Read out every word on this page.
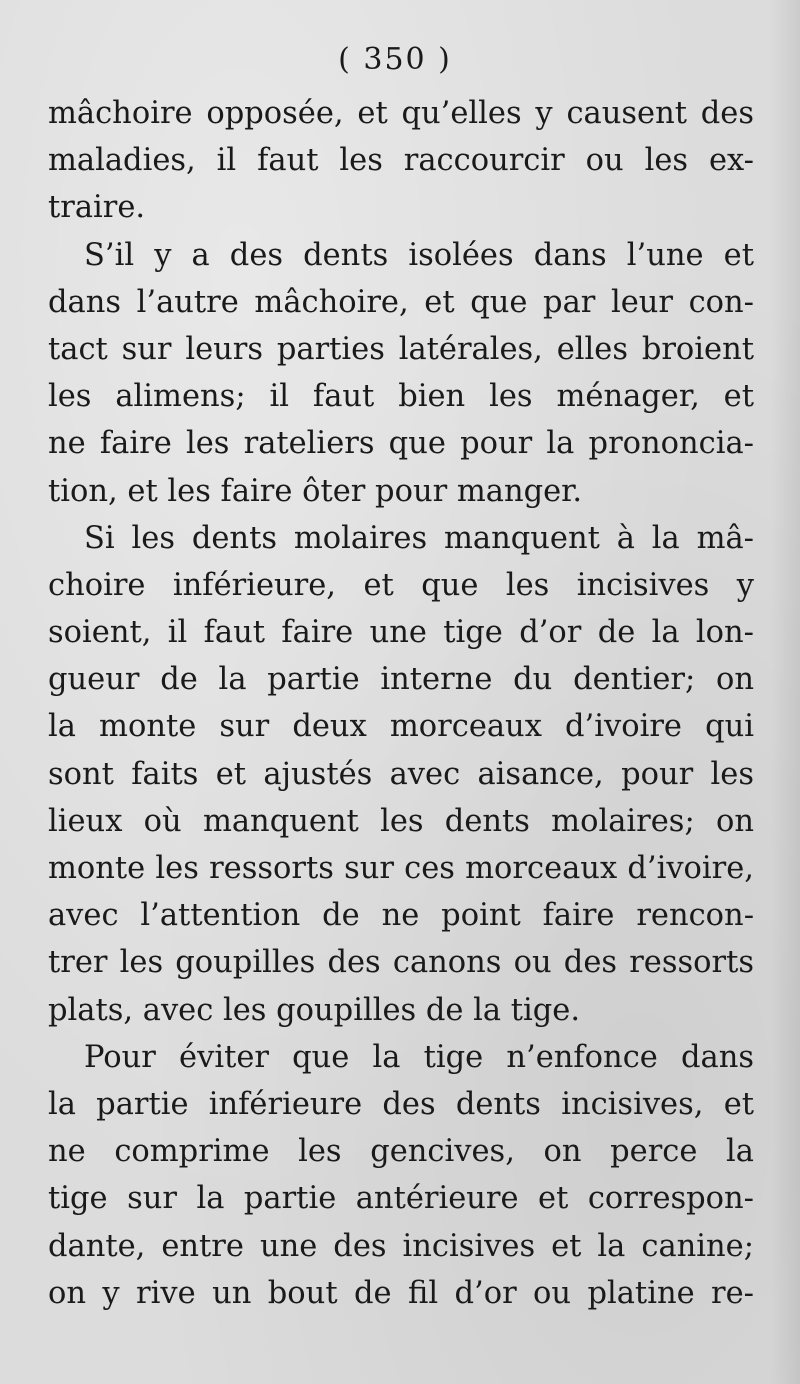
( 350 )
mâchoire opposée, et qu’elles y causent des
maladies, il faut les raccourcir ou les ex-
traire.
S’il y a des dents isolées dans l’une et
dans l’autre mâchoire, et que par leur con-
tact sur leurs parties latérales, elles broient
les alimens; il faut bien les ménager, et
ne faire les rateliers que pour la prononcia-
tion, et les faire ôter pour manger.
Si les dents molaires manquent à la mâ-
choire inférieure, et que les incisives y
soient, il faut faire une tige d’or de la lon-
gueur de la partie interne du dentier; on
la monte sur deux morceaux d’ivoire qui
sont faits et ajustés avec aisance, pour les
lieux où manquent les dents molaires; on
monte les ressorts sur ces morceaux d’ivoire,
avec l’attention de ne point faire rencon-
trer les goupilles des canons ou des ressorts
plats, avec les goupilles de la tige.
Pour éviter que la tige n’enfonce dans
la partie inférieure des dents incisives, et
ne comprime les gencives, on perce la
tige sur la partie antérieure et correspon-
dante, entre une des incisives et la canine;
on y rive un bout de fil d’or ou platine re-
